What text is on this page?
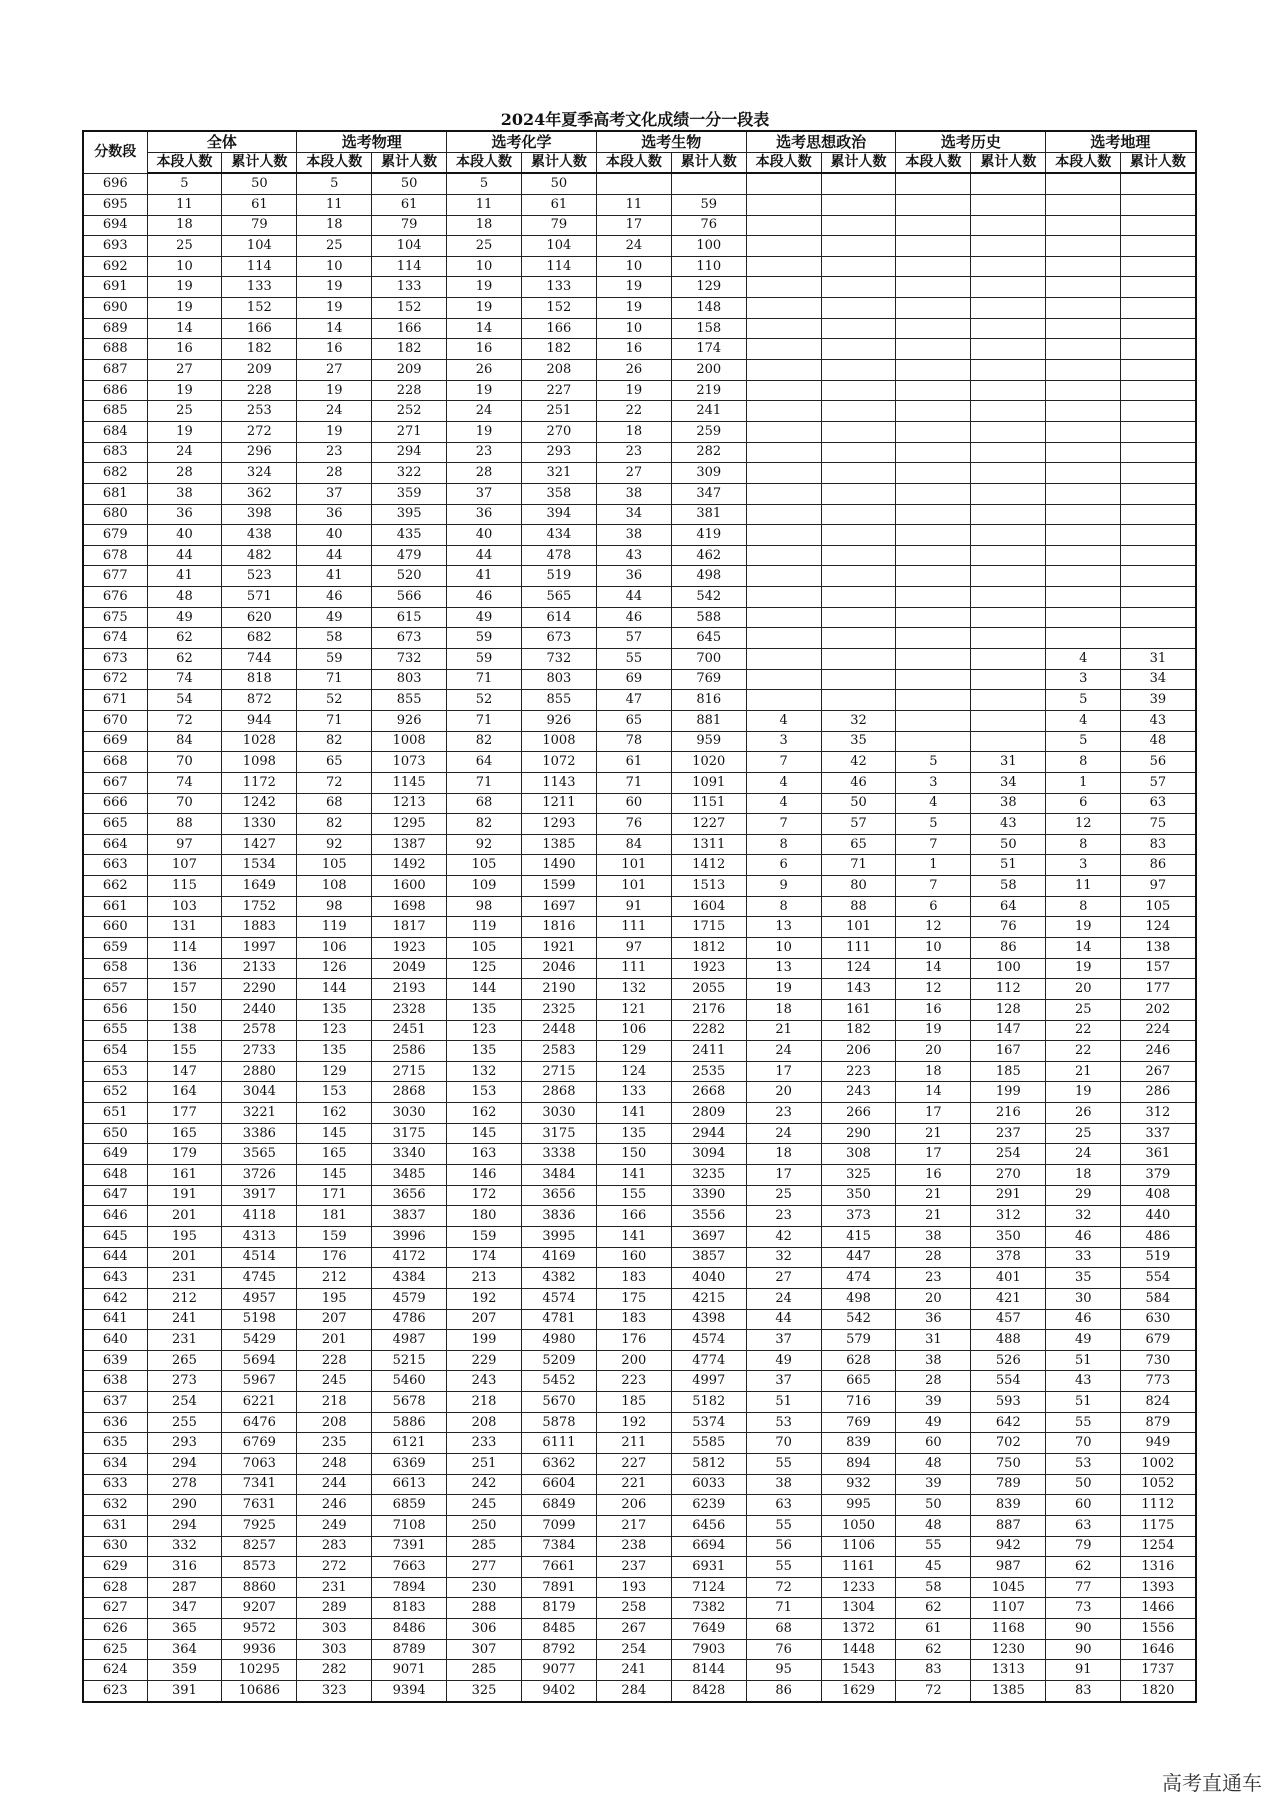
2024年夏季高考文化成绩一分一段表
分数段	全体		选考物理		选考化学		选考生物		选考思想政治		选考历史		选考地理	
	本段人数	累计人数	本段人数	累计人数	本段人数	累计人数	本段人数	累计人数	本段人数	累计人数	本段人数	累计人数	本段人数	累计人数
696	5	50	5	50	5	50								
695	11	61	11	61	11	61	11	59						
694	18	79	18	79	18	79	17	76						
693	25	104	25	104	25	104	24	100						
692	10	114	10	114	10	114	10	110						
691	19	133	19	133	19	133	19	129						
690	19	152	19	152	19	152	19	148						
689	14	166	14	166	14	166	10	158						
688	16	182	16	182	16	182	16	174						
687	27	209	27	209	26	208	26	200						
686	19	228	19	228	19	227	19	219						
685	25	253	24	252	24	251	22	241						
684	19	272	19	271	19	270	18	259						
683	24	296	23	294	23	293	23	282						
682	28	324	28	322	28	321	27	309						
681	38	362	37	359	37	358	38	347						
680	36	398	36	395	36	394	34	381						
679	40	438	40	435	40	434	38	419						
678	44	482	44	479	44	478	43	462						
677	41	523	41	520	41	519	36	498						
676	48	571	46	566	46	565	44	542						
675	49	620	49	615	49	614	46	588						
674	62	682	58	673	59	673	57	645						
673	62	744	59	732	59	732	55	700					4	31
672	74	818	71	803	71	803	69	769					3	34
671	54	872	52	855	52	855	47	816					5	39
670	72	944	71	926	71	926	65	881	4	32			4	43
669	84	1028	82	1008	82	1008	78	959	3	35			5	48
668	70	1098	65	1073	64	1072	61	1020	7	42	5	31	8	56
667	74	1172	72	1145	71	1143	71	1091	4	46	3	34	1	57
666	70	1242	68	1213	68	1211	60	1151	4	50	4	38	6	63
665	88	1330	82	1295	82	1293	76	1227	7	57	5	43	12	75
664	97	1427	92	1387	92	1385	84	1311	8	65	7	50	8	83
663	107	1534	105	1492	105	1490	101	1412	6	71	1	51	3	86
662	115	1649	108	1600	109	1599	101	1513	9	80	7	58	11	97
661	103	1752	98	1698	98	1697	91	1604	8	88	6	64	8	105
660	131	1883	119	1817	119	1816	111	1715	13	101	12	76	19	124
659	114	1997	106	1923	105	1921	97	1812	10	111	10	86	14	138
658	136	2133	126	2049	125	2046	111	1923	13	124	14	100	19	157
657	157	2290	144	2193	144	2190	132	2055	19	143	12	112	20	177
656	150	2440	135	2328	135	2325	121	2176	18	161	16	128	25	202
655	138	2578	123	2451	123	2448	106	2282	21	182	19	147	22	224
654	155	2733	135	2586	135	2583	129	2411	24	206	20	167	22	246
653	147	2880	129	2715	132	2715	124	2535	17	223	18	185	21	267
652	164	3044	153	2868	153	2868	133	2668	20	243	14	199	19	286
651	177	3221	162	3030	162	3030	141	2809	23	266	17	216	26	312
650	165	3386	145	3175	145	3175	135	2944	24	290	21	237	25	337
649	179	3565	165	3340	163	3338	150	3094	18	308	17	254	24	361
648	161	3726	145	3485	146	3484	141	3235	17	325	16	270	18	379
647	191	3917	171	3656	172	3656	155	3390	25	350	21	291	29	408
646	201	4118	181	3837	180	3836	166	3556	23	373	21	312	32	440
645	195	4313	159	3996	159	3995	141	3697	42	415	38	350	46	486
644	201	4514	176	4172	174	4169	160	3857	32	447	28	378	33	519
643	231	4745	212	4384	213	4382	183	4040	27	474	23	401	35	554
642	212	4957	195	4579	192	4574	175	4215	24	498	20	421	30	584
641	241	5198	207	4786	207	4781	183	4398	44	542	36	457	46	630
640	231	5429	201	4987	199	4980	176	4574	37	579	31	488	49	679
639	265	5694	228	5215	229	5209	200	4774	49	628	38	526	51	730
638	273	5967	245	5460	243	5452	223	4997	37	665	28	554	43	773
637	254	6221	218	5678	218	5670	185	5182	51	716	39	593	51	824
636	255	6476	208	5886	208	5878	192	5374	53	769	49	642	55	879
635	293	6769	235	6121	233	6111	211	5585	70	839	60	702	70	949
634	294	7063	248	6369	251	6362	227	5812	55	894	48	750	53	1002
633	278	7341	244	6613	242	6604	221	6033	38	932	39	789	50	1052
632	290	7631	246	6859	245	6849	206	6239	63	995	50	839	60	1112
631	294	7925	249	7108	250	7099	217	6456	55	1050	48	887	63	1175
630	332	8257	283	7391	285	7384	238	6694	56	1106	55	942	79	1254
629	316	8573	272	7663	277	7661	237	6931	55	1161	45	987	62	1316
628	287	8860	231	7894	230	7891	193	7124	72	1233	58	1045	77	1393
627	347	9207	289	8183	288	8179	258	7382	71	1304	62	1107	73	1466
626	365	9572	303	8486	306	8485	267	7649	68	1372	61	1168	90	1556
625	364	9936	303	8789	307	8792	254	7903	76	1448	62	1230	90	1646
624	359	10295	282	9071	285	9077	241	8144	95	1543	83	1313	91	1737
623	391	10686	323	9394	325	9402	284	8428	86	1629	72	1385	83	1820
高考直通车
